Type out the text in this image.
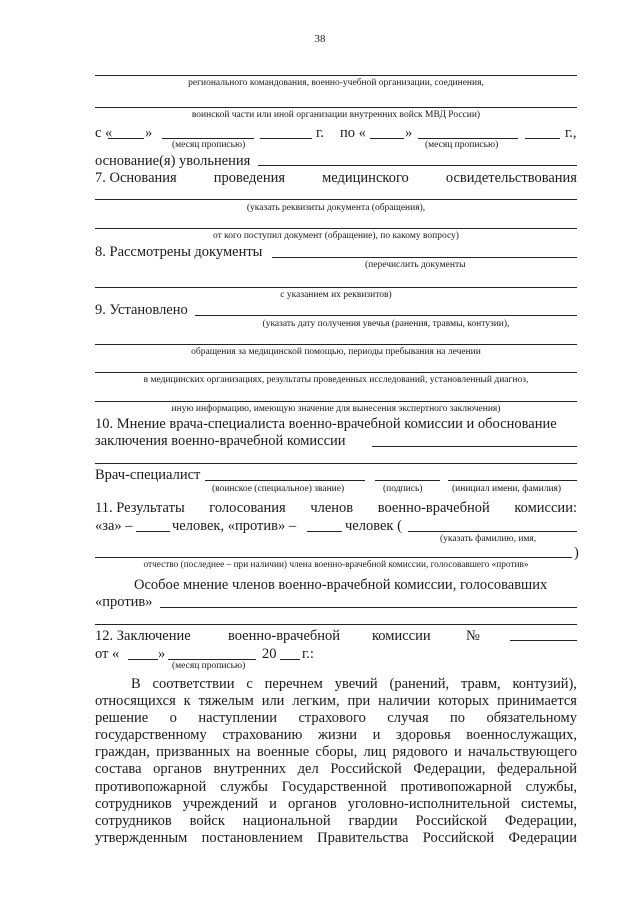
38
регионального командования, военно-учебной организации, соединения,
воинской части или иной организации внутренних войск МВД России)
с « »	г. по «	»	г.,
(месяц прописью)	(месяц прописью)
основание(я) увольнения
7. Основания	проведения	медицинского	освидетельствования
(указать реквизиты документа (обращения),
от кого поступил документ (обращение), по какому вопросу)
8. Рассмотрены документы
(перечислить документы
с указанием их реквизитов)
9. Установлено
(указать дату получения увечья (ранения, травмы, контузии),
обращения за медицинской помощью, периоды пребывания на лечении
в медицинских организациях, результаты проведенных исследований, установленный диагноз,
иную информацию, имеющую значение для вынесения экспертного заключения)
10. Мнение врача-специалиста военно-врачебной комиссии и обоснование
заключения военно-врачебной комиссии
Врач-специалист
(воинское (специальное) звание)	(подпись)	(инициал имени, фамилия)
11. Результаты голосования членов военно-врачебной комиссии:
«за» –	человек, «против» –	человек (
(указать фамилию, имя,
)
отчество (последнее – при наличии) члена военно-врачебной комиссии, голосовавшего «против»
Особое мнение членов военно-врачебной комиссии, голосовавших
«против»
12. Заключение	военно-врачебной комиссии №
от «	»	20 г.:
(месяц прописью)
В соответствии с перечнем увечий (ранений, травм, контузий),
относящихся к тяжелым или легким, при наличии которых принимается
решение о наступлении страхового случая по обязательному
государственному страхованию жизни и здоровья военнослужащих,
граждан, призванных на военные сборы, лиц рядового и начальствующего
состава органов внутренних дел Российской Федерации, федеральной
противопожарной службы Государственной противопожарной службы,
сотрудников учреждений и органов уголовно-исполнительной системы,
сотрудников войск национальной гвардии Российской Федерации,
утвержденным постановлением Правительства Российской Федерации
